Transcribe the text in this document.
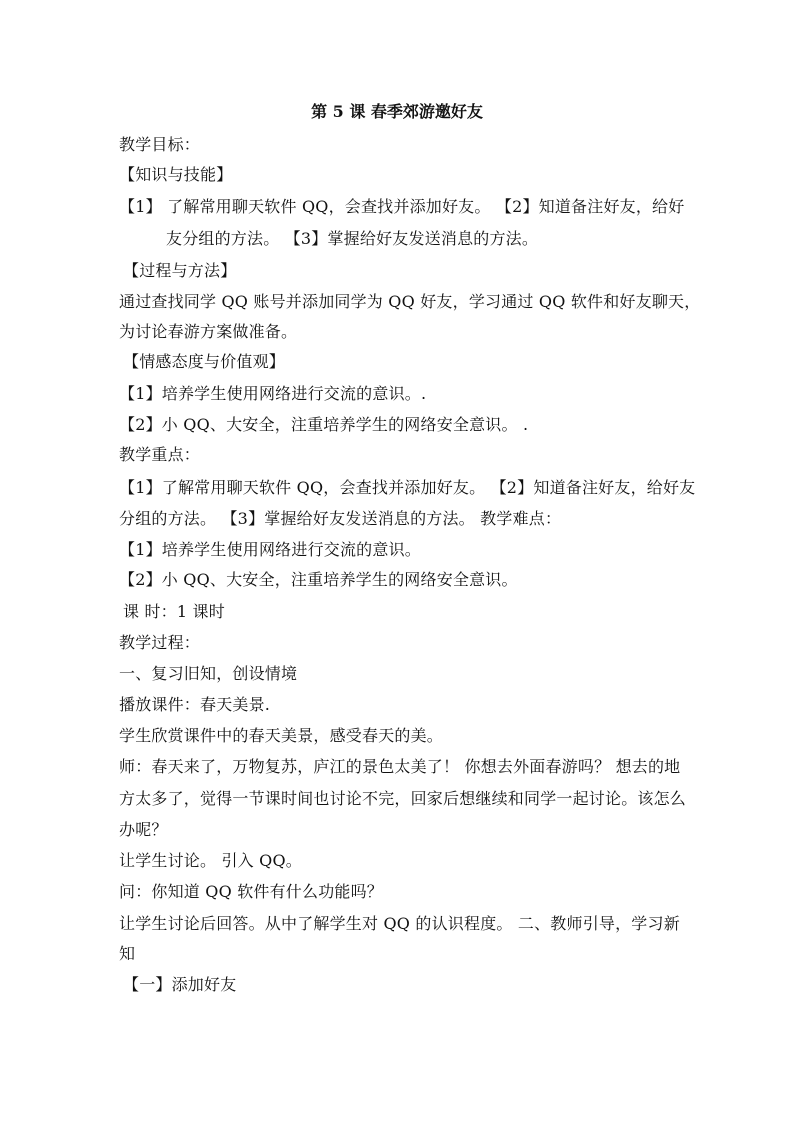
第 5 课 春季郊游邀好友
教学目标：
【知识与技能】
【1】 了解常用聊天软件 QQ，会查找并添加好友。 【2】知道备注好友，给好
友分组的方法。 【3】掌握给好友发送消息的方法。
【过程与方法】
通过查找同学 QQ 账号并添加同学为 QQ 好友，学习通过 QQ 软件和好友聊天，
为讨论春游方案做准备。
【情感态度与价值观】
【1】培养学生使用网络进行交流的意识。.
【2】小 QQ、大安全，注重培养学生的网络安全意识。 .
教学重点：
【1】了解常用聊天软件 QQ，会查找并添加好友。 【2】知道备注好友，给好友
分组的方法。 【3】掌握给好友发送消息的方法。 教学难点：
【1】培养学生使用网络进行交流的意识。
【2】小 QQ、大安全，注重培养学生的网络安全意识。
课 时：1 课时
教学过程：
一、复习旧知，创设情境
播放课件：春天美景.
学生欣赏课件中的春天美景，感受春天的美。
师：春天来了，万物复苏，庐江的景色太美了！ 你想去外面春游吗？ 想去的地
方太多了，觉得一节课时间也讨论不完，回家后想继续和同学一起讨论。该怎么
办呢？
让学生讨论。 引入 QQ。
问：你知道 QQ 软件有什么功能吗？
让学生讨论后回答。从中了解学生对 QQ 的认识程度。 二、教师引导，学习新
知
【一】添加好友
